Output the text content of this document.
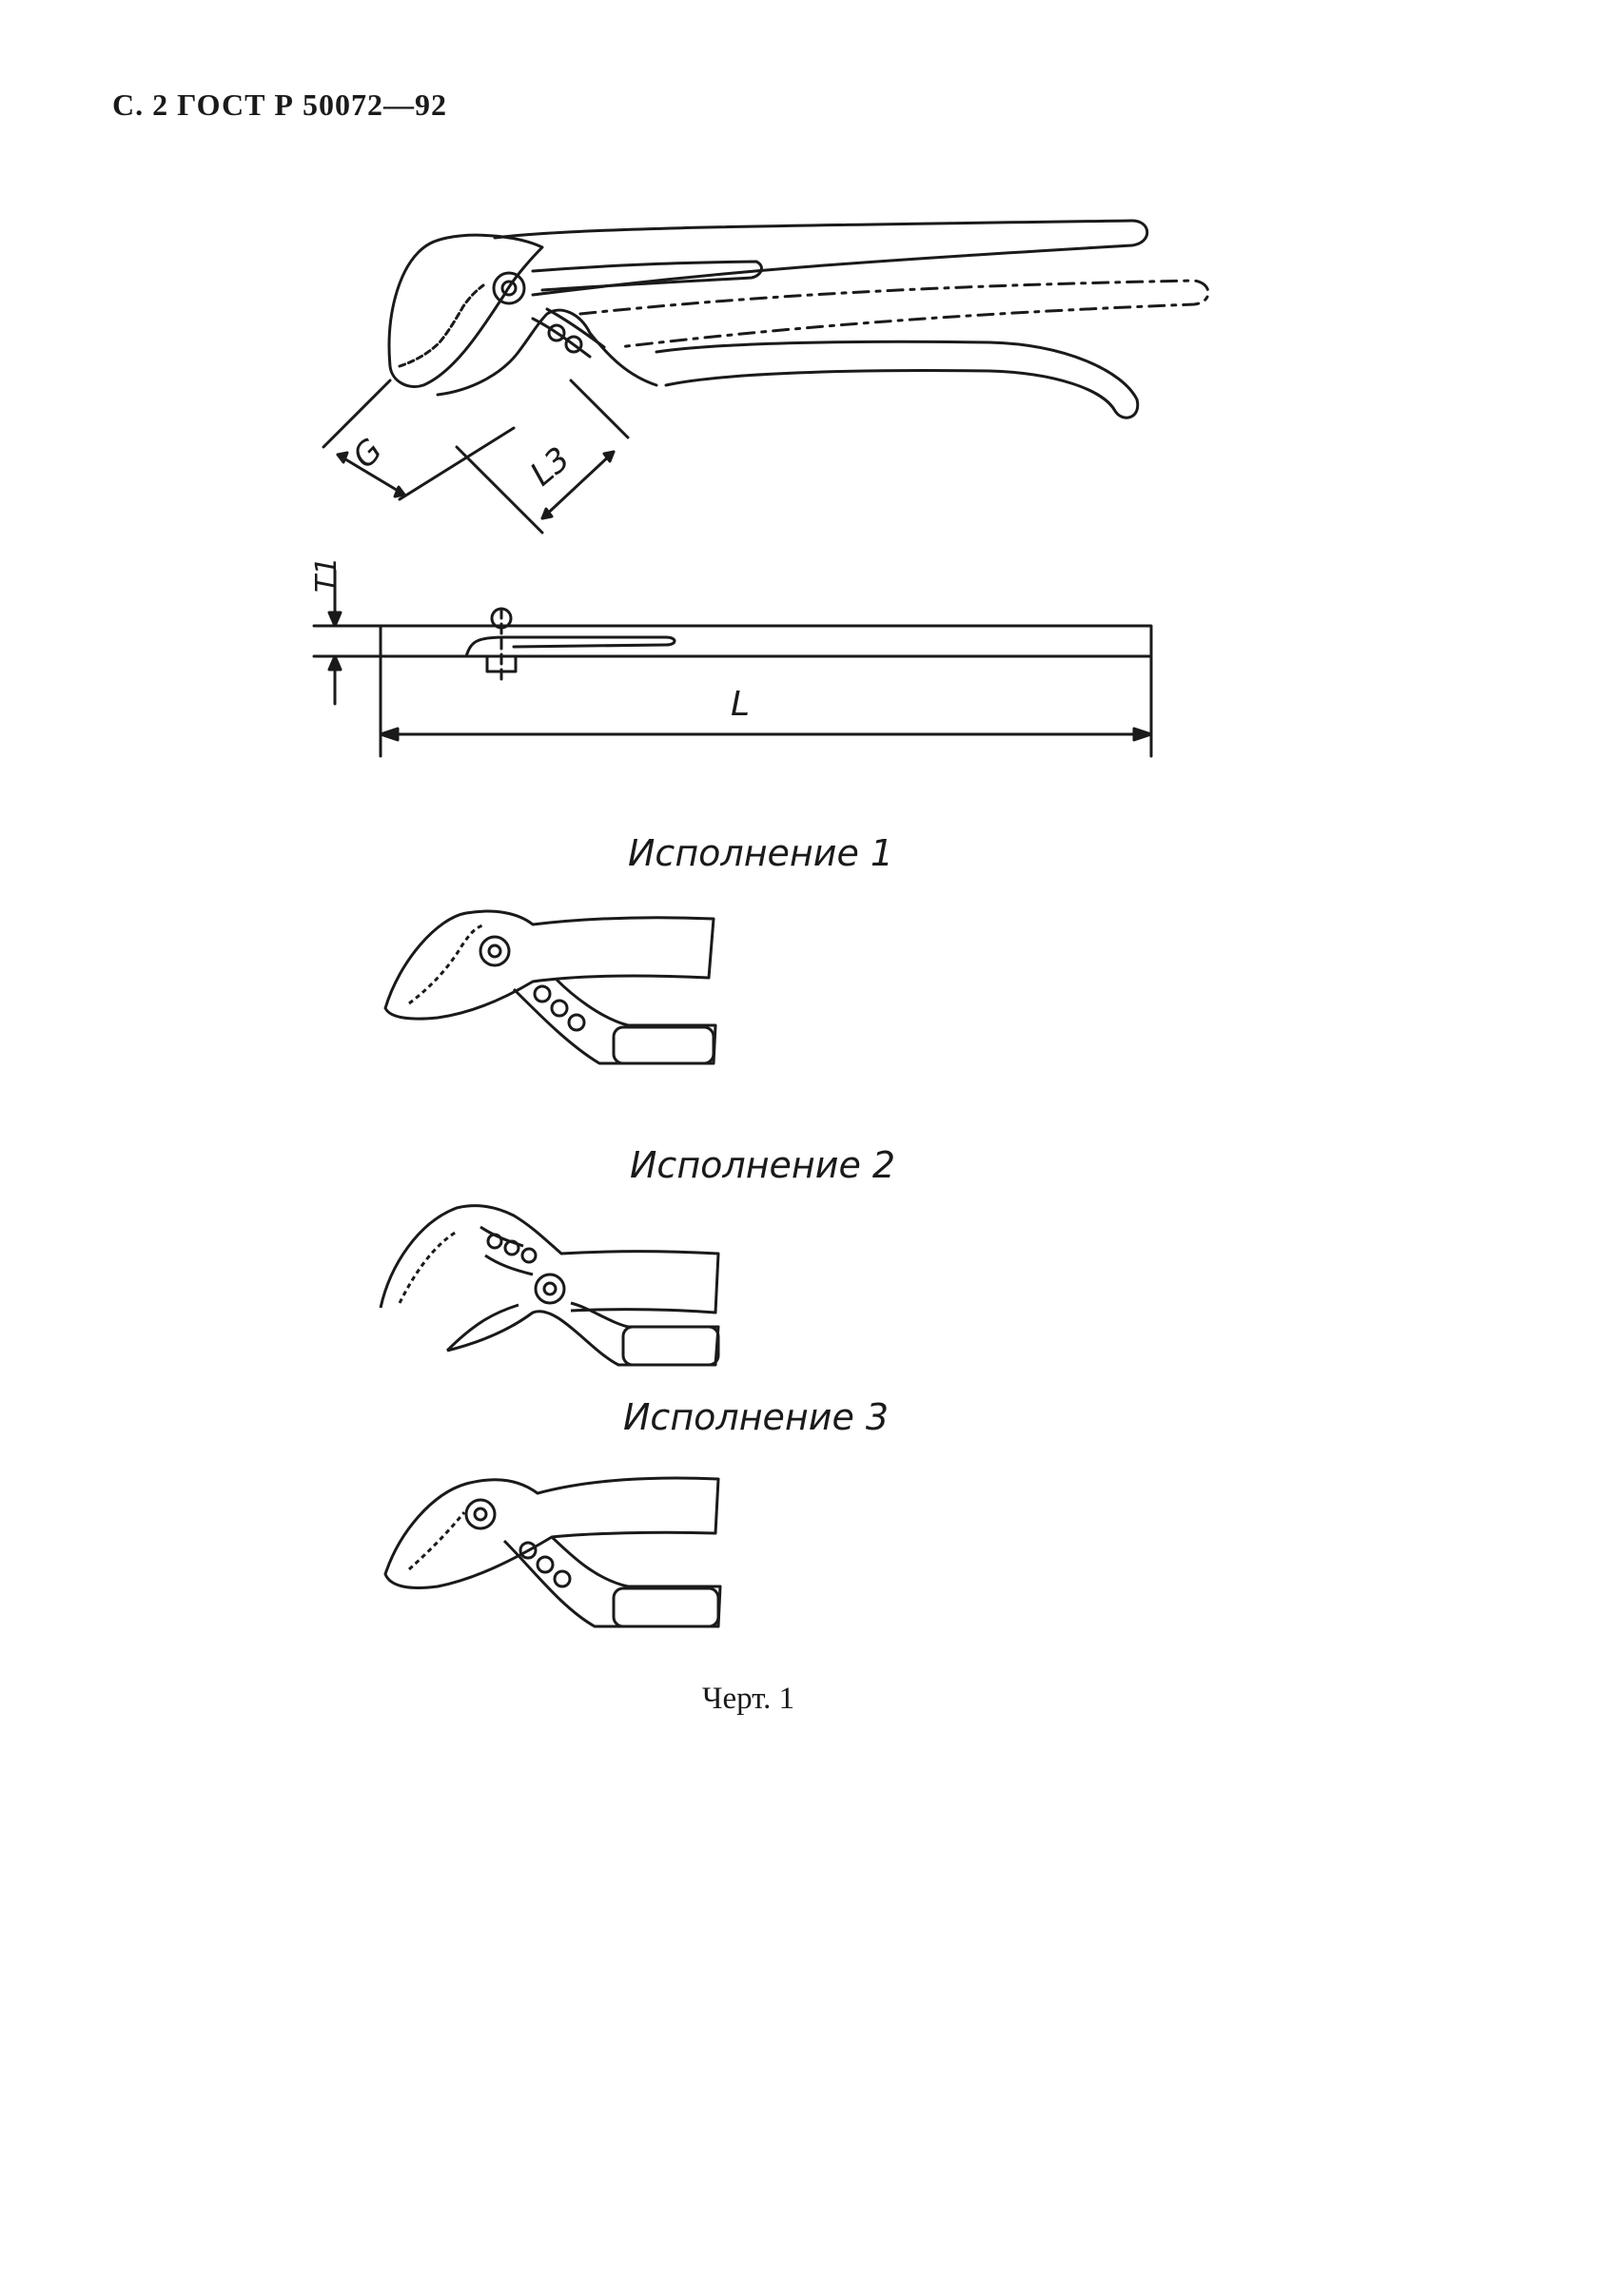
С. 2 ГОСТ Р 50072—92
G	L3
T1
L
Исполнение 1
Исполнение 2
Исполнение 3
Черт. 1
